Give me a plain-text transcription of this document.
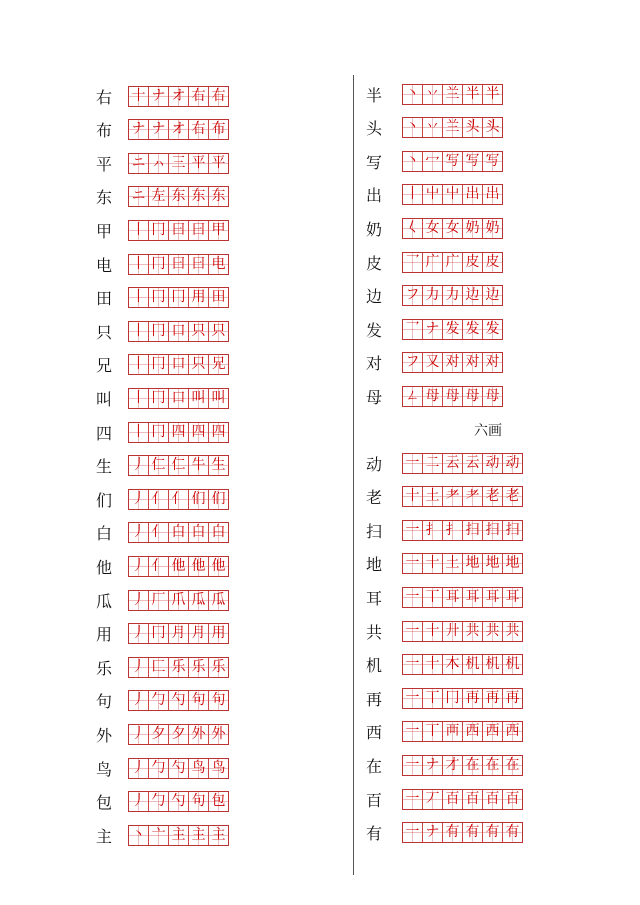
右 十 ナ オ 右 右
布 ナ ナ オ 右 布
平 ニ ㇵ 三 平 平
东 ニ 左 东 东 东
甲 丨 冂 曰 曰 甲
电 丨 冂 曰 曰 电
田 丨 冂 冂 用 田
只 丨 冂 口 只 只
兄 丨 冂 口 只 兄
叫 丨 冂 口 叫 叫
四 丨 冂 四 四 四
生 丿 仁 仁 牛 生
们 丿 亻 亻 们 们
白 丿 亻 白 白 白
他 丿 亻 他 他 他
瓜 丿 厂 爪 瓜 瓜
用 丿 冂 月 月 用
乐 丿 匚 乐 乐 乐
句 丿 勹 勺 句 句
外 丿 夕 夕 外 外
鸟 丿 勹 勺 鸟 鸟
包 丿 勹 勺 句 包
主 丶 亠 主 主 主
六画
半 丶 丷 兰 半 半
头 丶 丷 兰 头 头
写 丶 冖 写 写 写
出 丨 屮 屮 出 出
奶 𡿨 女 女 奶 奶
皮 乛 广 广 皮 皮
边 フ 力 力 边 边
发 乛 ナ 发 发 发
对 フ 又 对 对 对
母 ㄥ 母 母 母 母
动 一 二 云 云 动 动
老 十 土 耂 耂 老 老
扫 一 扌 扌 扫 扫 扫
地 一 十 土 地 地 地
耳 一 丅 耳 耳 耳 耳
共 一 十 廾 共 共 共
机 一 十 木 机 机 机
再 一 丅 冂 再 再 再
西 一 丅 襾 西 西 西
在 一 ナ 才 在 在 在
百 一 丆 百 百 百 百
有 一 ナ 有 有 有 有
